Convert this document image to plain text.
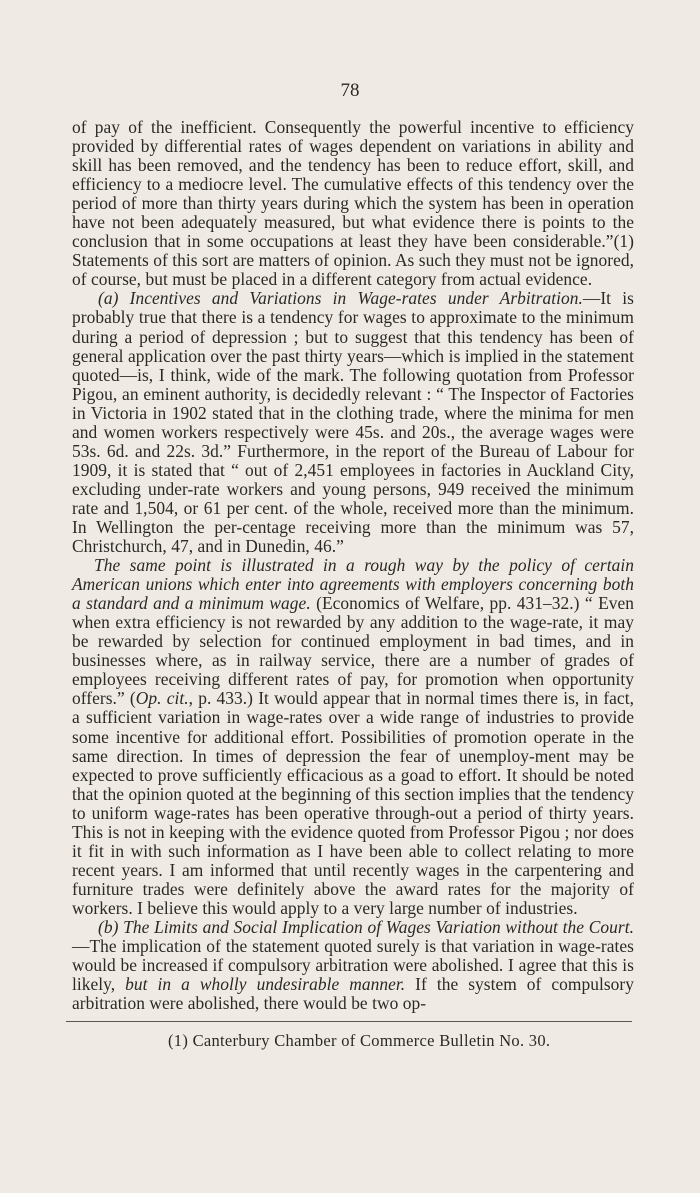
78

of pay of the inefficient. Consequently the powerful incentive to efficiency provided by differential rates of wages dependent on variations in ability and skill has been removed, and the tendency has been to reduce effort, skill, and efficiency to a mediocre level. The cumulative effects of this tendency over the period of more than thirty years during which the system has been in operation have not been adequately measured, but what evidence there is points to the conclusion that in some occupations at least they have been considerable.”(1) Statements of this sort are matters of opinion. As such they must not be ignored, of course, but must be placed in a different category from actual evidence.

(a) Incentives and Variations in Wage-rates under Arbitration.—It is probably true that there is a tendency for wages to approximate to the minimum during a period of depression ; but to suggest that this tendency has been of general application over the past thirty years—which is implied in the statement quoted—is, I think, wide of the mark. The following quotation from Professor Pigou, an eminent authority, is decidedly relevant : “ The Inspector of Factories in Victoria in 1902 stated that in the clothing trade, where the minima for men and women workers respectively were 45s. and 20s., the average wages were 53s. 6d. and 22s. 3d.” Furthermore, in the report of the Bureau of Labour for 1909, it is stated that “ out of 2,451 employees in factories in Auckland City, excluding under-rate workers and young persons, 949 received the minimum rate and 1,504, or 61 per cent. of the whole, received more than the minimum. In Wellington the per-centage receiving more than the minimum was 57, Christchurch, 47, and in Dunedin, 46.”

The same point is illustrated in a rough way by the policy of certain American unions which enter into agreements with employers concerning both a standard and a minimum wage. (Economics of Welfare, pp. 431–32.) “ Even when extra efficiency is not rewarded by any addition to the wage-rate, it may be rewarded by selection for continued employment in bad times, and in businesses where, as in railway service, there are a number of grades of employees receiving different rates of pay, for promotion when opportunity offers.” (Op. cit., p. 433.) It would appear that in normal times there is, in fact, a sufficient variation in wage-rates over a wide range of industries to provide some incentive for additional effort. Possibilities of promotion operate in the same direction. In times of depression the fear of unemploy-ment may be expected to prove sufficiently efficacious as a goad to effort. It should be noted that the opinion quoted at the beginning of this section implies that the tendency to uniform wage-rates has been operative through-out a period of thirty years. This is not in keeping with the evidence quoted from Professor Pigou ; nor does it fit in with such information as I have been able to collect relating to more recent years. I am informed that until recently wages in the carpentering and furniture trades were definitely above the award rates for the majority of workers. I believe this would apply to a very large number of industries.

(b) The Limits and Social Implication of Wages Variation without the Court.—The implication of the statement quoted surely is that variation in wage-rates would be increased if compulsory arbitration were abolished. I agree that this is likely, but in a wholly undesirable manner. If the system of compulsory arbitration were abolished, there would be two op-

(1) Canterbury Chamber of Commerce Bulletin No. 30.
